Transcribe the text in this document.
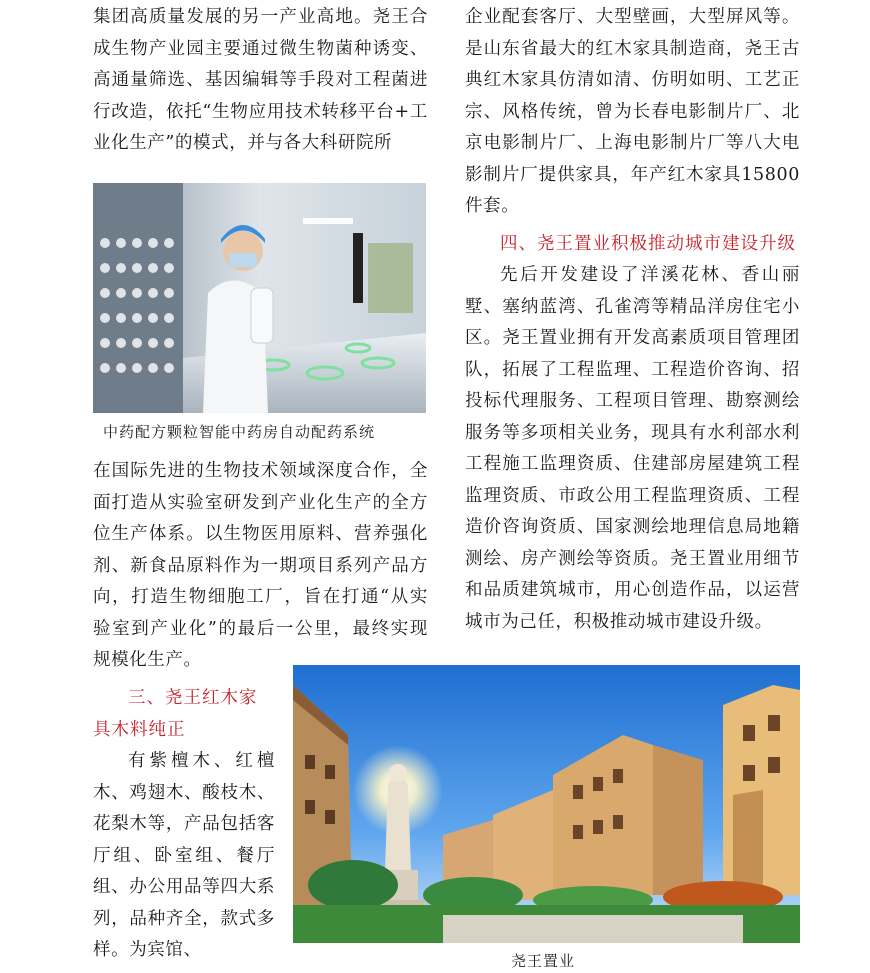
集团高质量发展的另一产业高地。尧王合成生物产业园主要通过微生物菌种诱变、高通量筛选、基因编辑等手段对工程菌进行改造，依托“生物应用技术转移平台+工业化生产”的模式，并与各大科研院所

中药配方颗粒智能中药房自动配药系统

在国际先进的生物技术领域深度合作，全面打造从实验室研发到产业化生产的全方位生产体系。以生物医用原料、营养强化剂、新食品原料作为一期项目系列产品方向，打造生物细胞工厂，旨在打通“从实验室到产业化”的最后一公里，最终实现规模化生产。

三、尧王红木家具木料纯正

有紫檀木、红檀木、鸡翅木、酸枝木、花梨木等，产品包括客厅组、卧室组、餐厅组、办公用品等四大系列，品种齐全，款式多样。为宾馆、

企业配套客厅、大型壁画，大型屏风等。是山东省最大的红木家具制造商，尧王古典红木家具仿清如清、仿明如明、工艺正宗、风格传统，曾为长春电影制片厂、北京电影制片厂、上海电影制片厂等八大电影制片厂提供家具，年产红木家具15800件套。

四、尧王置业积极推动城市建设升级

先后开发建设了洋溪花林、香山丽墅、塞纳蓝湾、孔雀湾等精品洋房住宅小区。尧王置业拥有开发高素质项目管理团队，拓展了工程监理、工程造价咨询、招投标代理服务、工程项目管理、勘察测绘服务等多项相关业务，现具有水利部水利工程施工监理资质、住建部房屋建筑工程监理资质、市政公用工程监理资质、工程造价咨询资质、国家测绘地理信息局地籍测绘、房产测绘等资质。尧王置业用细节和品质建筑城市，用心创造作品，以运营城市为己任，积极推动城市建设升级。

尧王置业
